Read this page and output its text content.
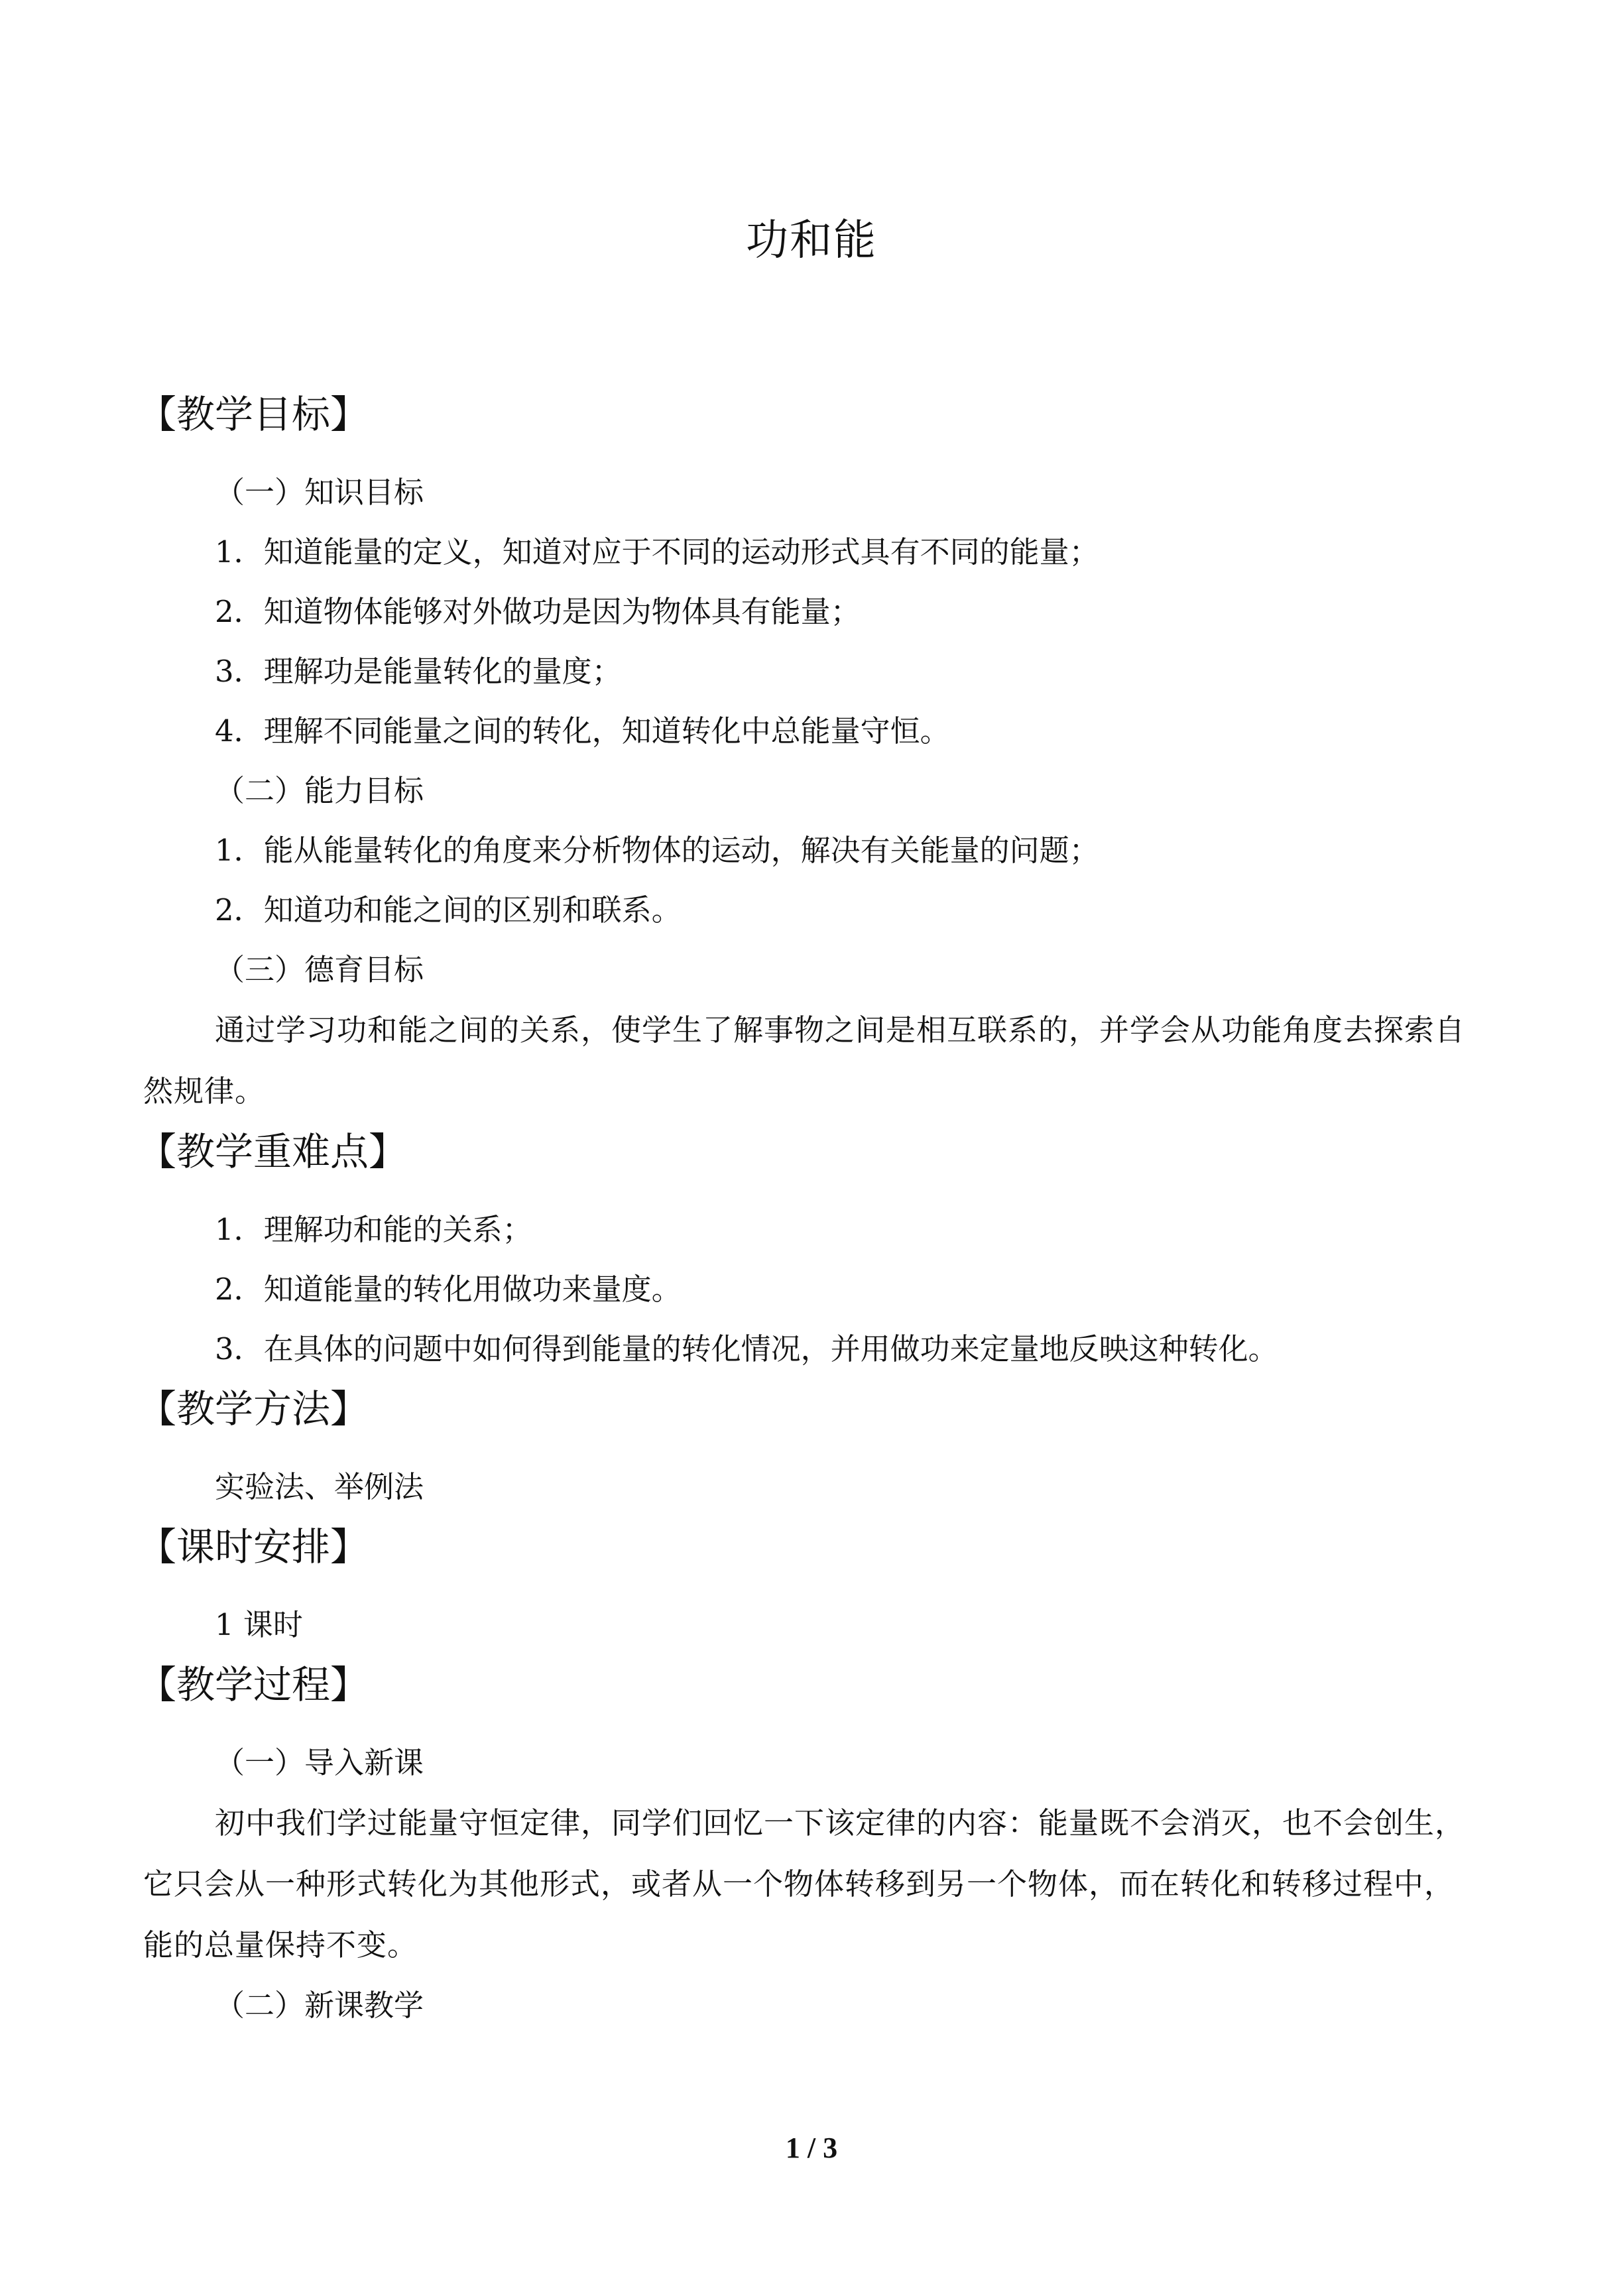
功和能
【教学目标】
（一）知识目标
1．知道能量的定义，知道对应于不同的运动形式具有不同的能量；
2．知道物体能够对外做功是因为物体具有能量；
3．理解功是能量转化的量度；
4．理解不同能量之间的转化，知道转化中总能量守恒。
（二）能力目标
1．能从能量转化的角度来分析物体的运动，解决有关能量的问题；
2．知道功和能之间的区别和联系。
（三）德育目标
通过学习功和能之间的关系，使学生了解事物之间是相互联系的，并学会从功能角度去探索自然规律。
【教学重难点】
1．理解功和能的关系；
2．知道能量的转化用做功来量度。
3．在具体的问题中如何得到能量的转化情况，并用做功来定量地反映这种转化。
【教学方法】
实验法、举例法
【课时安排】
1 课时
【教学过程】
（一）导入新课
初中我们学过能量守恒定律，同学们回忆一下该定律的内容：能量既不会消灭，也不会创生，它只会从一种形式转化为其他形式，或者从一个物体转移到另一个物体，而在转化和转移过程中，能的总量保持不变。
（二）新课教学
1 / 3
